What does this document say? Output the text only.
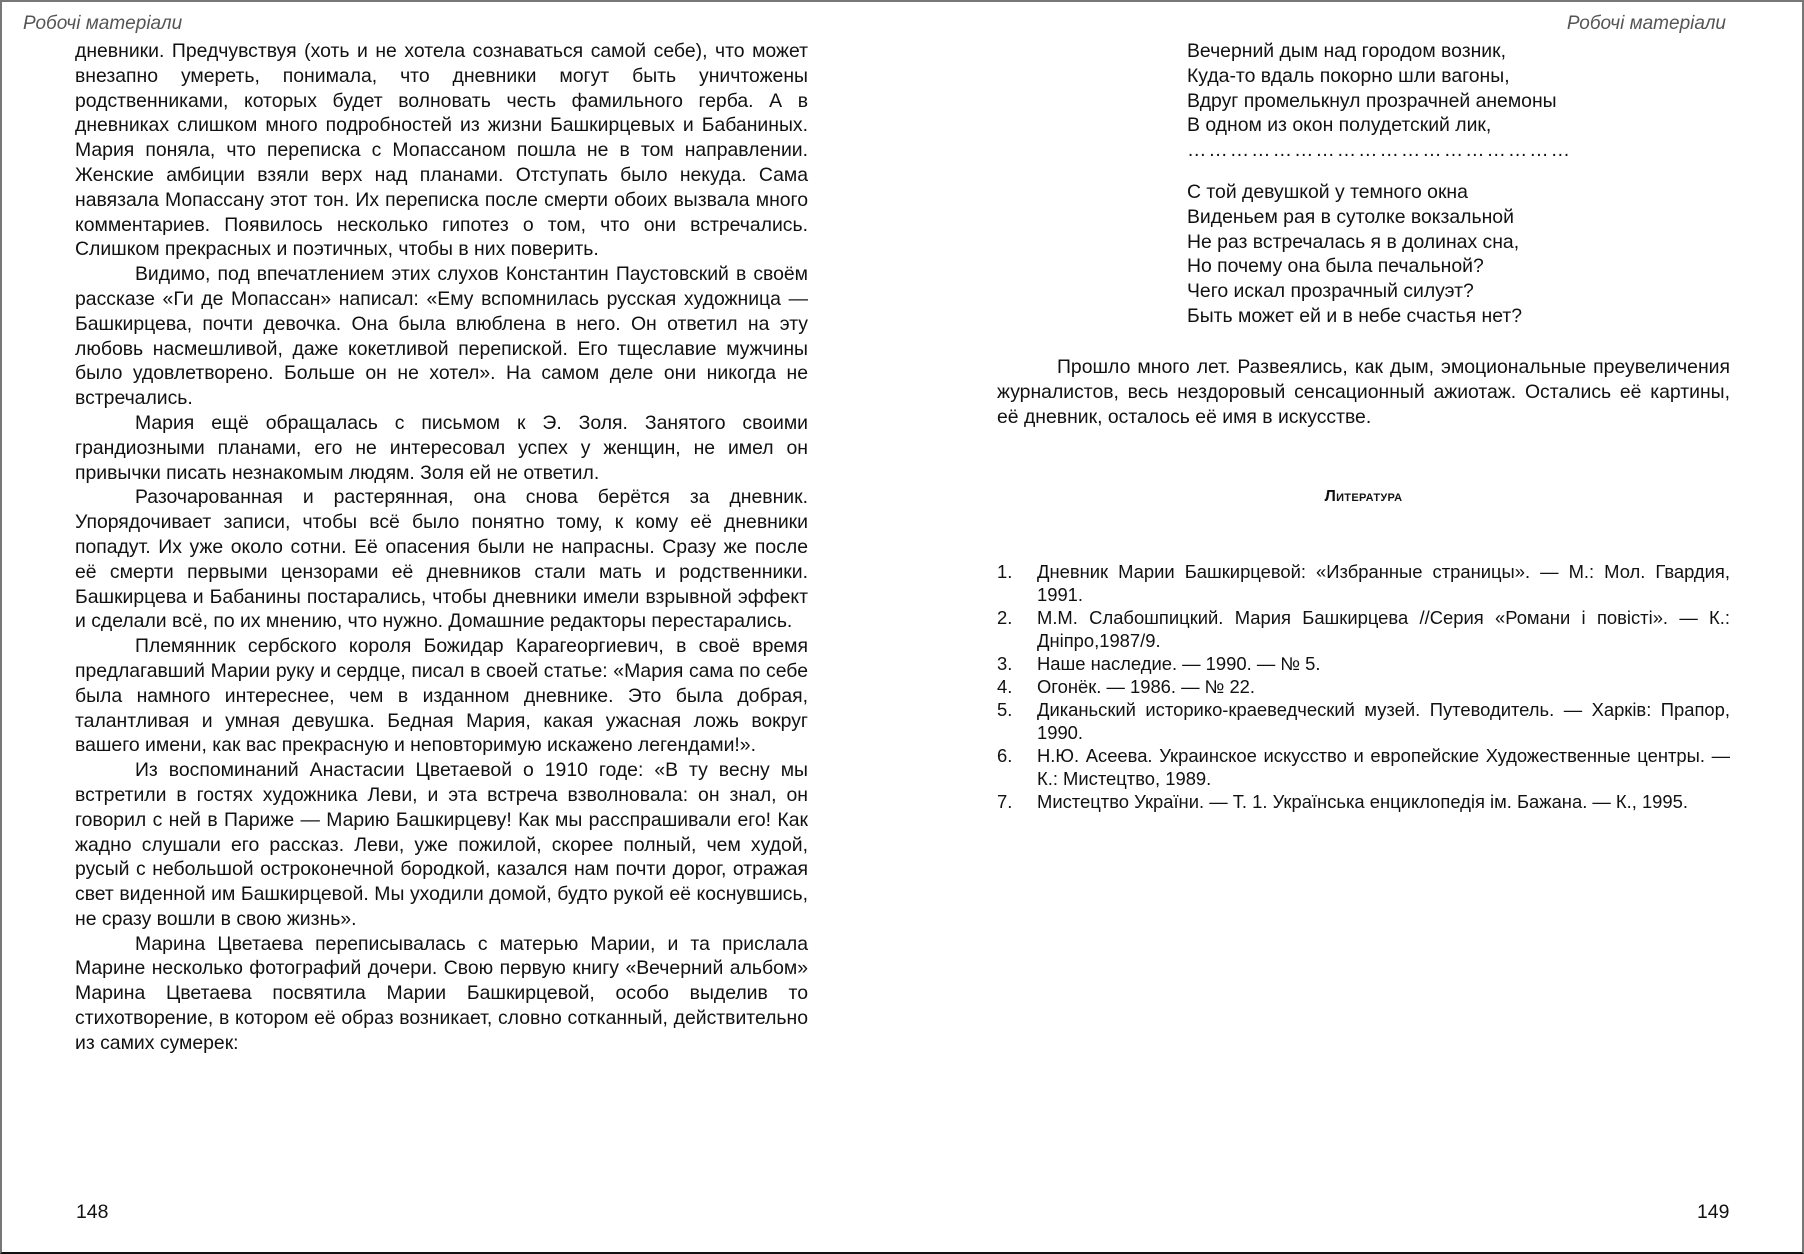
Робочі матеріали

дневники. Предчувствуя (хоть и не хотела сознаваться самой себе), что может внезапно умереть, понимала, что дневники могут быть уничтожены родственниками, которых будет волновать честь фамильного герба. А в дневниках слишком много подробностей из жизни Башкирцевых и Бабаниных. Мария поняла, что переписка с Мопассаном пошла не в том направлении. Женские амбиции взяли верх над планами. Отступать было некуда. Сама навязала Мопассану этот тон. Их переписка после смерти обоих вызвала много комментариев. Появилось несколько гипотез о том, что они встречались. Слишком прекрасных и поэтичных, чтобы в них поверить.

Видимо, под впечатлением этих слухов Константин Паустовский в своём рассказе «Ги де Мопассан» написал: «Ему вспомнилась русская художница — Башкирцева, почти девочка. Она была влюблена в него. Он ответил на эту любовь насмешливой, даже кокетливой перепиской. Его тщеславие мужчины было удовлетворено. Больше он не хотел». На самом деле они никогда не встречались.

Мария ещё обращалась с письмом к Э. Золя. Занятого своими грандиозными планами, его не интересовал успех у женщин, не имел он привычки писать незнакомым людям. Золя ей не ответил.

Разочарованная и растерянная, она снова берётся за дневник. Упорядочивает записи, чтобы всё было понятно тому, к кому её дневники попадут. Их уже около сотни. Её опасения были не напрасны. Сразу же после её смерти первыми цензорами её дневников стали мать и родственники. Башкирцева и Бабанины постарались, чтобы дневники имели взрывной эффект и сделали всё, по их мнению, что нужно. Домашние редакторы перестарались.

Племянник сербского короля Божидар Карагеоргиевич, в своё время предлагавший Марии руку и сердце, писал в своей статье: «Мария сама по себе была намного интереснее, чем в изданном дневнике. Это была добрая, талантливая и умная девушка. Бедная Мария, какая ужасная ложь вокруг вашего имени, как вас прекрасную и неповторимую искажено легендами!».

Из воспоминаний Анастасии Цветаевой о 1910 годе: «В ту весну мы встретили в гостях художника Леви, и эта встреча взволновала: он знал, он говорил с ней в Париже — Марию Башкирцеву! Как мы расспрашивали его! Как жадно слушали его рассказ. Леви, уже пожилой, скорее полный, чем худой, русый с небольшой остроконечной бородкой, казался нам почти дорог, отражая свет виденной им Башкирцевой. Мы уходили домой, будто рукой её коснувшись, не сразу вошли в свою жизнь».

Марина Цветаева переписывалась с матерью Марии, и та прислала Марине несколько фотографий дочери. Свою первую книгу «Вечерний альбом» Марина Цветаева посвятила Марии Башкирцевой, особо выделив то стихотворение, в котором её образ возникает, словно сотканный, действительно из самих сумерек:

148
Робочі матеріали
Вечерний дым над городом возник,
Куда-то вдаль покорно шли вагоны,
Вдруг промелькнул прозрачней анемоны
В одном из окон полудетский лик,
………………………………………………
С той девушкой у темного окна
Виденьем рая в сутолке вокзальной
Не раз встречалась я в долинах сна,
Но почему она была печальной?
Чего искал прозрачный силуэт?
Быть может ей и в небе счастья нет?

Прошло много лет. Развеялись, как дым, эмоциональные преувеличения журналистов, весь нездоровый сенсационный ажиотаж. Остались её картины, её дневник, осталось её имя в искусстве.

Литература
1. Дневник Марии Башкирцевой: «Избранные страницы». — М.: Мол. Гвардия, 1991.
2. М.М. Слабошпицкий. Мария Башкирцева //Серия «Романи і повісті». — К.: Дніпро,1987/9.
3. Наше наследие. — 1990. — № 5.
4. Огонёк. — 1986. — № 22.
5. Диканьский историко-краеведческий музей. Путеводитель. — Харків: Прапор, 1990.
6. Н.Ю. Асеева. Украинское искусство и европейские Художественные центры. — К.: Мистецтво, 1989.
7. Мистецтво України. — Т. 1. Українська енциклопедія ім. Бажана. — К., 1995.
149
